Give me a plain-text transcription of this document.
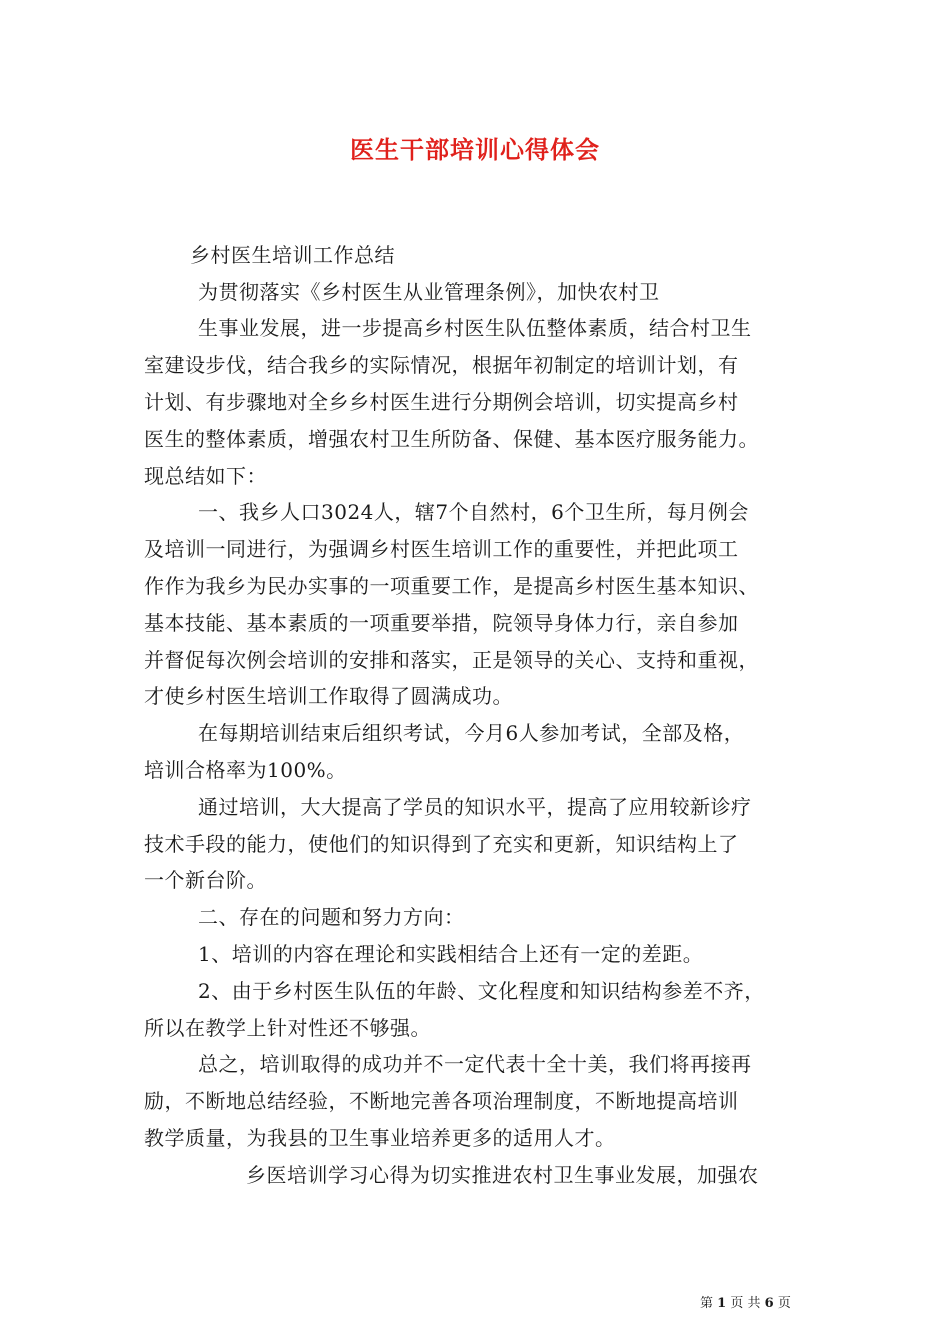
医生干部培训心得体会
乡村医生培训工作总结
为贯彻落实《乡村医生从业管理条例》，加快农村卫
生事业发展，进一步提高乡村医生队伍整体素质，结合村卫生
室建设步伐，结合我乡的实际情况，根据年初制定的培训计划，有
计划、有步骤地对全乡乡村医生进行分期例会培训，切实提高乡村
医生的整体素质，增强农村卫生所防备、保健、基本医疗服务能力。
现总结如下：
一、我乡人口3024人，辖7个自然村，6个卫生所，每月例会
及培训一同进行，为强调乡村医生培训工作的重要性，并把此项工
作作为我乡为民办实事的一项重要工作，是提高乡村医生基本知识、
基本技能、基本素质的一项重要举措，院领导身体力行，亲自参加
并督促每次例会培训的安排和落实，正是领导的关心、支持和重视，
才使乡村医生培训工作取得了圆满成功。
在每期培训结束后组织考试，今月6人参加考试，全部及格，
培训合格率为100%。
通过培训，大大提高了学员的知识水平，提高了应用较新诊疗
技术手段的能力，使他们的知识得到了充实和更新，知识结构上了
一个新台阶。
二、存在的问题和努力方向：
1、培训的内容在理论和实践相结合上还有一定的差距。
2、由于乡村医生队伍的年龄、文化程度和知识结构参差不齐，
所以在教学上针对性还不够强。
总之，培训取得的成功并不一定代表十全十美，我们将再接再
励，不断地总结经验，不断地完善各项治理制度，不断地提高培训
教学质量，为我县的卫生事业培养更多的适用人才。
乡医培训学习心得为切实推进农村卫生事业发展，加强农
第 1 页 共 6 页
